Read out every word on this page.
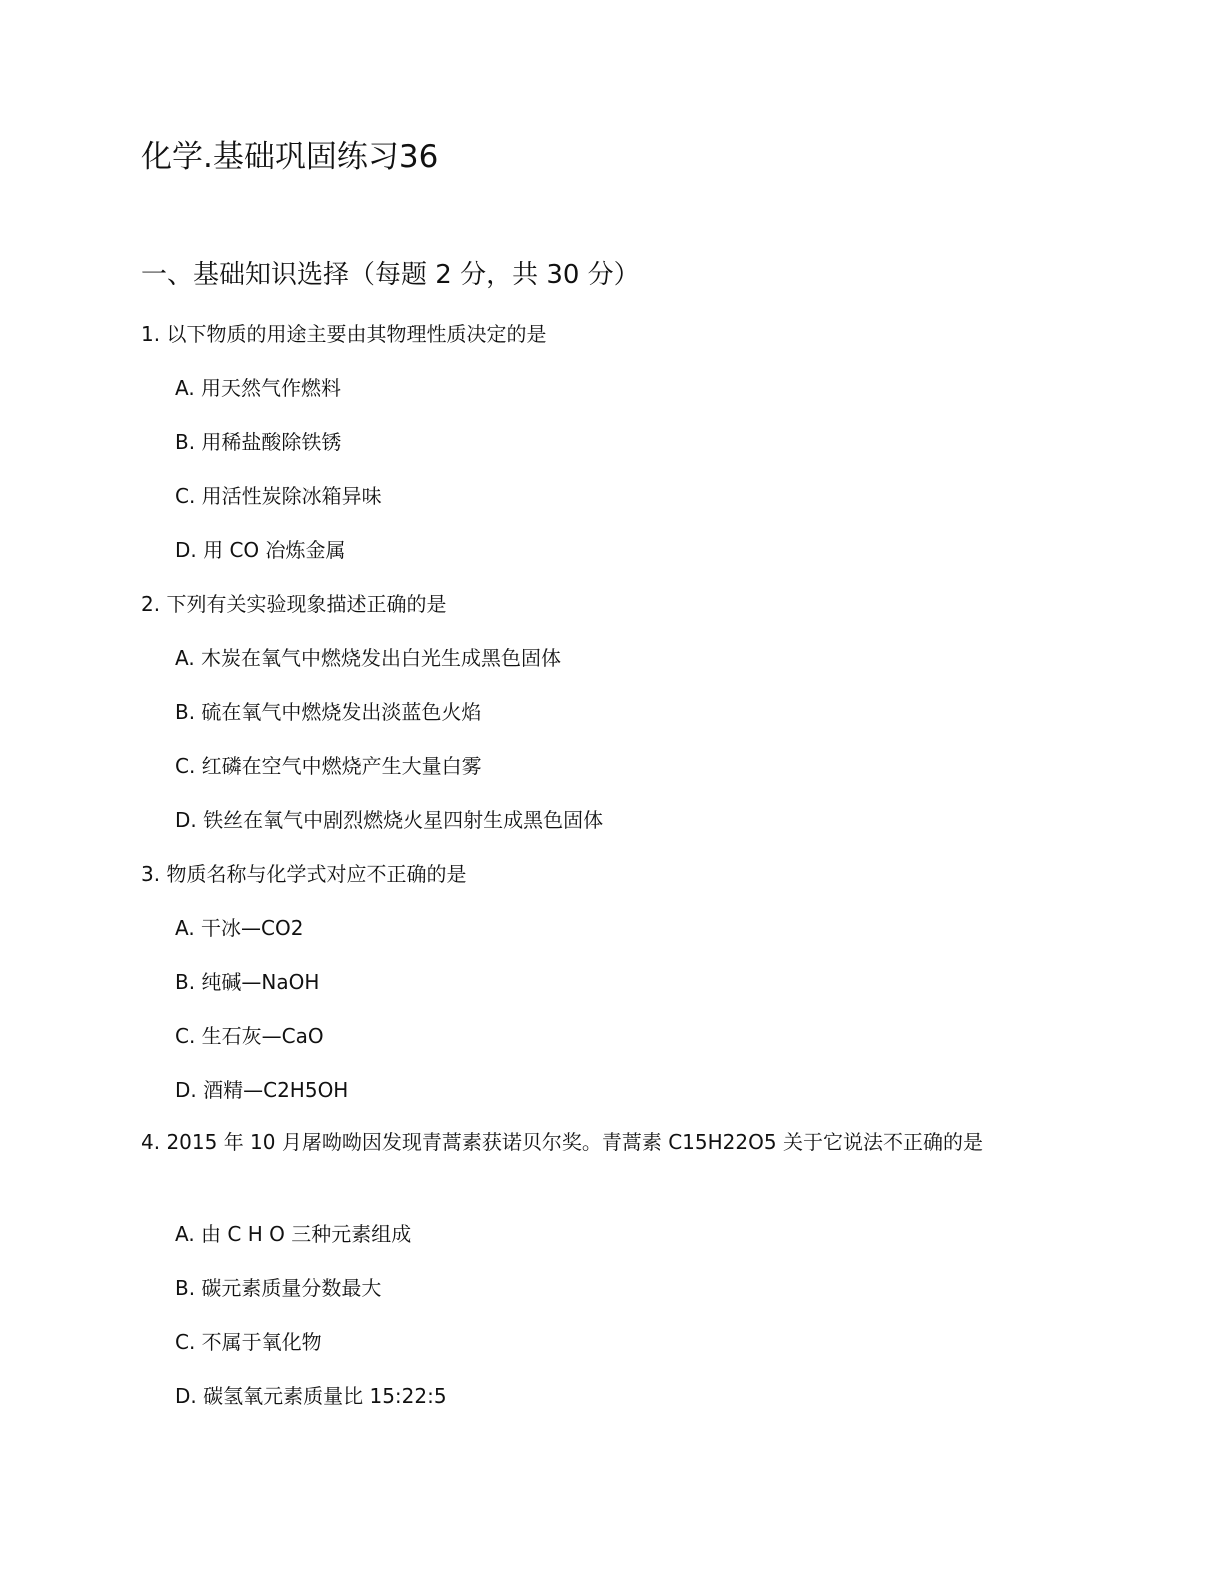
化学.基础巩固练习36
一、基础知识选择（每题 2 分，共 30 分）
1. 以下物质的用途主要由其物理性质决定的是
A. 用天然气作燃料
B. 用稀盐酸除铁锈
C. 用活性炭除冰箱异味
D. 用 CO 冶炼金属
2. 下列有关实验现象描述正确的是
A. 木炭在氧气中燃烧发出白光生成黑色固体
B. 硫在氧气中燃烧发出淡蓝色火焰
C. 红磷在空气中燃烧产生大量白雾
D. 铁丝在氧气中剧烈燃烧火星四射生成黑色固体
3. 物质名称与化学式对应不正确的是
A. 干冰—CO2
B. 纯碱—NaOH
C. 生石灰—CaO
D. 酒精—C2H5OH
4. 2015 年 10 月屠呦呦因发现青蒿素获诺贝尔奖。青蒿素 C15H22O5 关于它说法不正确的是
A. 由 C H O 三种元素组成
B. 碳元素质量分数最大
C. 不属于氧化物
D. 碳氢氧元素质量比 15:22:5
